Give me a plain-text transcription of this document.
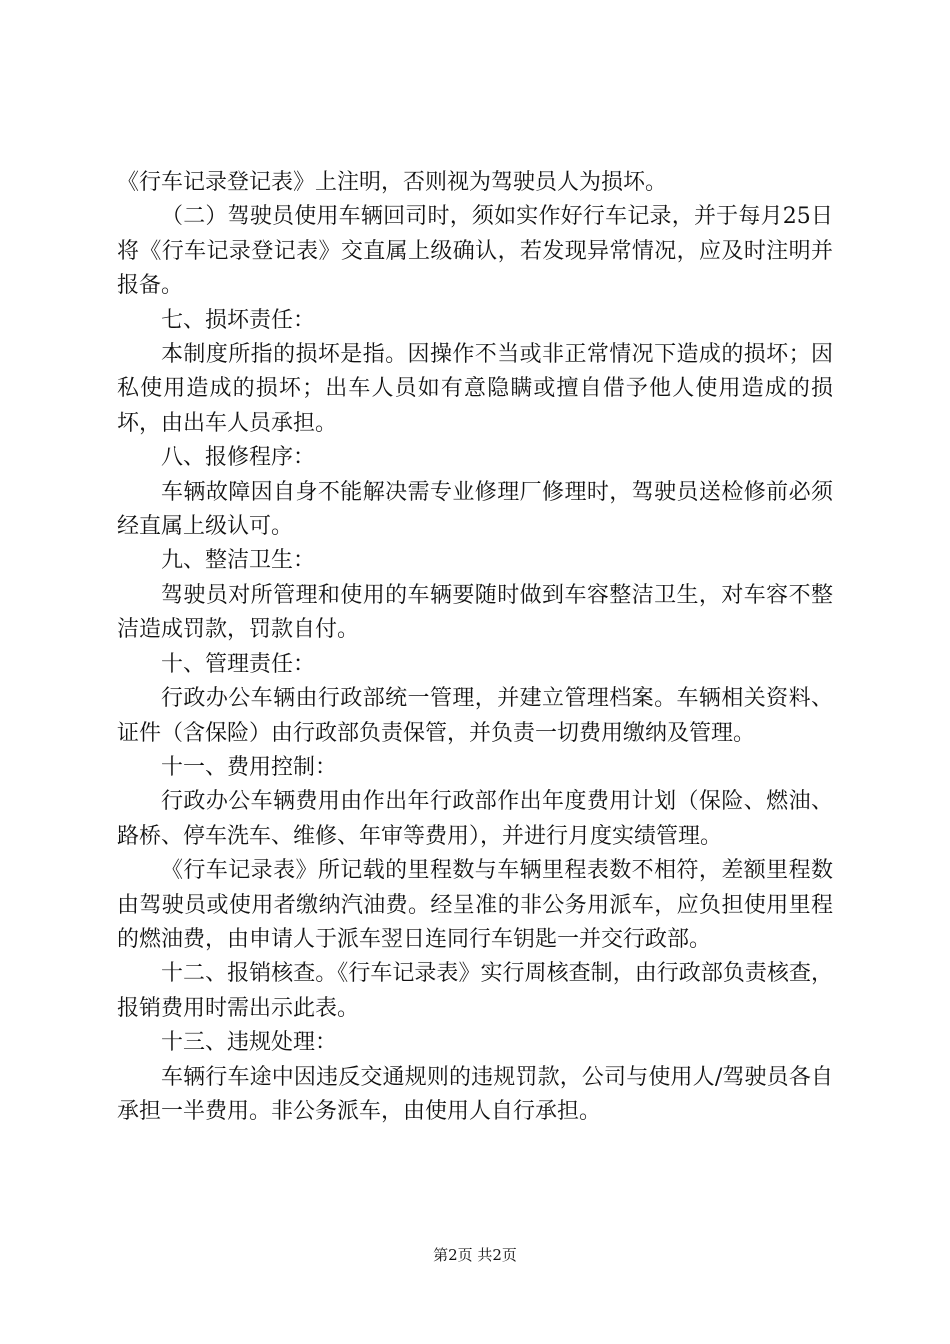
《行车记录登记表》上注明，否则视为驾驶员人为损坏。

（二）驾驶员使用车辆回司时，须如实作好行车记录，并于每月25日将《行车记录登记表》交直属上级确认，若发现异常情况，应及时注明并报备。

七、损坏责任：

本制度所指的损坏是指。因操作不当或非正常情况下造成的损坏；因私使用造成的损坏；出车人员如有意隐瞒或擅自借予他人使用造成的损坏，由出车人员承担。

八、报修程序：

车辆故障因自身不能解决需专业修理厂修理时，驾驶员送检修前必须经直属上级认可。

九、整洁卫生：

驾驶员对所管理和使用的车辆要随时做到车容整洁卫生，对车容不整洁造成罚款，罚款自付。

十、管理责任：

行政办公车辆由行政部统一管理，并建立管理档案。车辆相关资料、证件（含保险）由行政部负责保管，并负责一切费用缴纳及管理。

十一、费用控制：

行政办公车辆费用由作出年行政部作出年度费用计划（保险、燃油、路桥、停车洗车、维修、年审等费用），并进行月度实绩管理。

《行车记录表》所记载的里程数与车辆里程表数不相符，差额里程数由驾驶员或使用者缴纳汽油费。经呈准的非公务用派车，应负担使用里程的燃油费，由申请人于派车翌日连同行车钥匙一并交行政部。

十二、报销核查。《行车记录表》实行周核查制，由行政部负责核查，报销费用时需出示此表。

十三、违规处理：

车辆行车途中因违反交通规则的违规罚款，公司与使用人/驾驶员各自承担一半费用。非公务派车，由使用人自行承担。

第2页 共2页
